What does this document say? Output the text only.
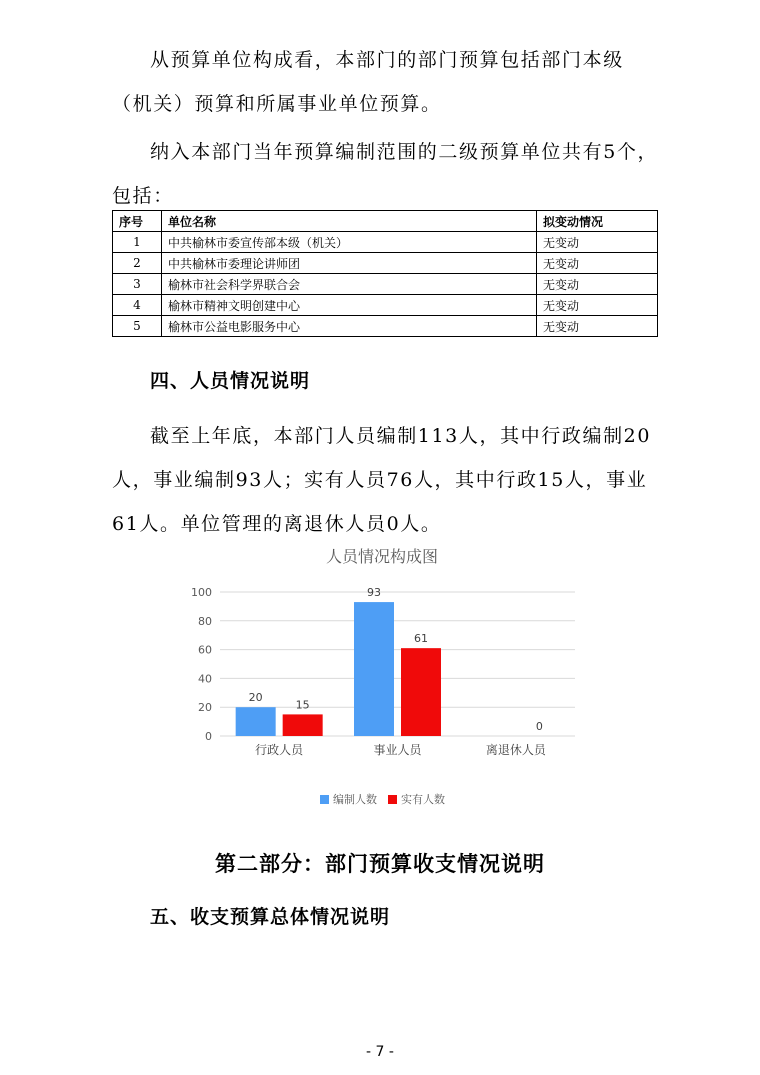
从预算单位构成看，本部门的部门预算包括部门本级（机关）预算和所属事业单位预算。

纳入本部门当年预算编制范围的二级预算单位共有5个，包括：

序号	单位名称	拟变动情况
1	中共榆林市委宣传部本级（机关）	无变动
2	中共榆林市委理论讲师团	无变动
3	榆林市社会科学界联合会	无变动
4	榆林市精神文明创建中心	无变动
5	榆林市公益电影服务中心	无变动
四、人员情况说明

截至上年底，本部门人员编制113人，其中行政编制20人，事业编制93人；实有人员76人，其中行政15人，事业61人。单位管理的离退休人员0人。

人员情况构成图
0
20
40
60
80
100
20
15
93
61
0
行政人员	事业人员	离退休人员
编制人数 实有人数
第二部分：部门预算收支情况说明
五、收支预算总体情况说明
- 7 -
